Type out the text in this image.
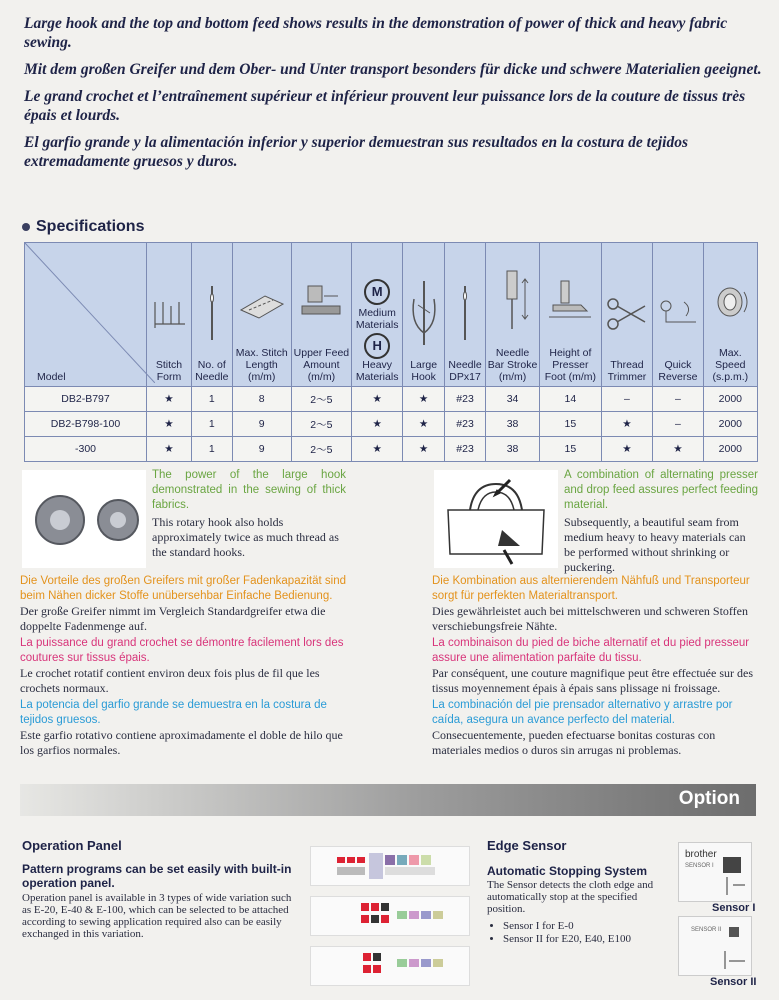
Large hook and the top and bottom feed shows results in the demonstration of power of thick and heavy fabric sewing.

Mit dem großen Greifer und dem Ober- und Unter transport besonders für dicke und schwere Materialien geeignet.

Le grand crochet et l’entraînement supérieur et inférieur prouvent leur puissance lors de la couture de tissus très épais et lourds.

El garfio grande y la alimentación inferior y superior demuestran sus resultados en la costura de tejidos extremadamente gruesos y duros.

Specifications
Model	Stitch Form	No. of Needle	Max. Stitch Length (m/m)	Upper Feed Amount (m/m)	M
Medium Materials
H
Heavy Materials	Large Hook	Needle DPx17	Needle Bar Stroke (m/m)	Height of Presser Foot (m/m)	Thread Trimmer	Quick Reverse	Max. Speed (s.p.m.)
DB2-B797	★	1	8	2～5	★	★	#23	34	14	–	–	2000
DB2-B798-100	★	1	9	2～5	★	★	#23	38	15	★	–	2000
-300	★	1	9	2～5	★	★	#23	38	15	★	★	2000

The power of the large hook demonstrated in the sewing of thick fabrics.

This rotary hook also holds approximately twice as much thread as the standard hooks.

Die Vorteile des großen Greifers mit großer Fadenkapazität sind beim Nähen dicker Stoffe unübersehbar Einfache Bedienung.

Der große Greifer nimmt im Vergleich Standardgreifer etwa die doppelte Fadenmenge auf.

La puissance du grand crochet se démontre facilement lors des coutures sur tissus épais.

Le crochet rotatif contient environ deux fois plus de fil que les crochets normaux.

La potencia del garfio grande se demuestra en la costura de tejidos gruesos.

Este garfio rotativo contiene aproximadamente el doble de hilo que los garfios normales.

A combination of alternating presser and drop feed assures perfect feeding material.

Subsequently, a beautiful seam from medium heavy to heavy materials can be performed without shrinking or puckering.

Die Kombination aus alternierendem Nähfuß und Transporteur sorgt für perfekten Materialtransport.

Dies gewährleistet auch bei mittelschweren und schweren Stoffen verschiebungsfreie Nähte.

La combinaison du pied de biche alternatif et du pied presseur assure une alimentation parfaite du tissu.

Par conséquent, une couture magnifique peut être effectuée sur des tissus moyennement épais à épais sans plissage ni froissage.

La combinación del pie prensador alternativo y arrastre por caída, asegura un avance perfecto del material.

Consecuentemente, pueden efectuarse bonitas costuras con materiales medios o duros sin arrugas ni problemas.

Option
Operation Panel
Pattern programs can be set easily with built-in operation panel.
Operation panel is available in 3 types of wide variation such as E-20, E-40 & E-100, which can be selected to be attached according to sewing application required also can be easily exchanged in this variation.
Edge Sensor
Automatic Stopping System
The Sensor detects the cloth edge and automatically stop at the specified position.
• Sensor I for E-0
• Sensor II for E20, E40, E100
brother
SENSOR I
Sensor I
SENSOR II
Sensor II
